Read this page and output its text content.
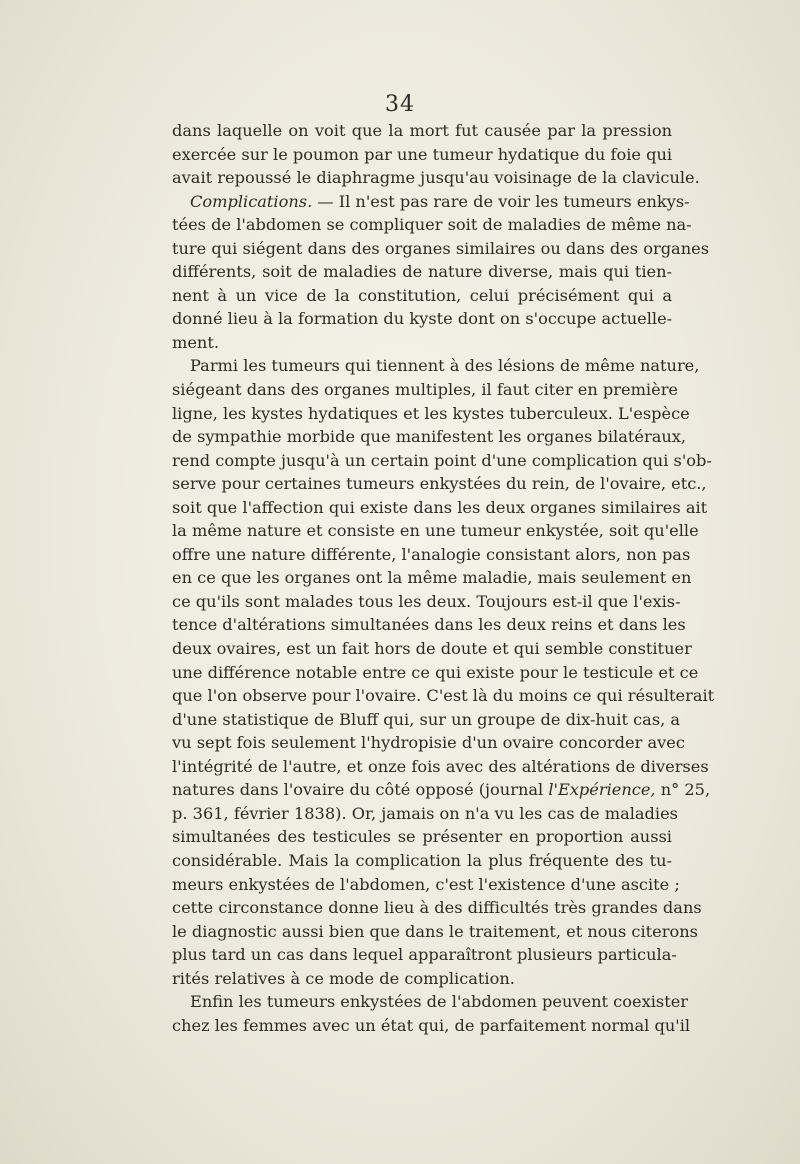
34
dans laquelle on voit que la mort fut causée par la pression
exercée sur le poumon par une tumeur hydatique du foie qui
avait repoussé le diaphragme jusqu'au voisinage de la clavicule.
Complications. — Il n'est pas rare de voir les tumeurs enkys-
tées de l'abdomen se compliquer soit de maladies de même na-
ture qui siégent dans des organes similaires ou dans des organes
différents, soit de maladies de nature diverse, mais qui tien-
nent à un vice de la constitution, celui précisément qui a
donné lieu à la formation du kyste dont on s'occupe actuelle-
ment.
Parmi les tumeurs qui tiennent à des lésions de même nature,
siégeant dans des organes multiples, il faut citer en première
ligne, les kystes hydatiques et les kystes tuberculeux. L'espèce
de sympathie morbide que manifestent les organes bilatéraux,
rend compte jusqu'à un certain point d'une complication qui s'ob-
serve pour certaines tumeurs enkystées du rein, de l'ovaire, etc.,
soit que l'affection qui existe dans les deux organes similaires ait
la même nature et consiste en une tumeur enkystée, soit qu'elle
offre une nature différente, l'analogie consistant alors, non pas
en ce que les organes ont la même maladie, mais seulement en
ce qu'ils sont malades tous les deux. Toujours est-il que l'exis-
tence d'altérations simultanées dans les deux reins et dans les
deux ovaires, est un fait hors de doute et qui semble constituer
une différence notable entre ce qui existe pour le testicule et ce
que l'on observe pour l'ovaire. C'est là du moins ce qui résulterait
d'une statistique de Bluff qui, sur un groupe de dix-huit cas, a
vu sept fois seulement l'hydropisie d'un ovaire concorder avec
l'intégrité de l'autre, et onze fois avec des altérations de diverses
natures dans l'ovaire du côté opposé (journal l'Expérience, n° 25,
p. 361, février 1838). Or, jamais on n'a vu les cas de maladies
simultanées des testicules se présenter en proportion aussi
considérable. Mais la complication la plus fréquente des tu-
meurs enkystées de l'abdomen, c'est l'existence d'une ascite ;
cette circonstance donne lieu à des difficultés très grandes dans
le diagnostic aussi bien que dans le traitement, et nous citerons
plus tard un cas dans lequel apparaîtront plusieurs particula-
rités relatives à ce mode de complication.
Enfin les tumeurs enkystées de l'abdomen peuvent coexister
chez les femmes avec un état qui, de parfaitement normal qu'il
